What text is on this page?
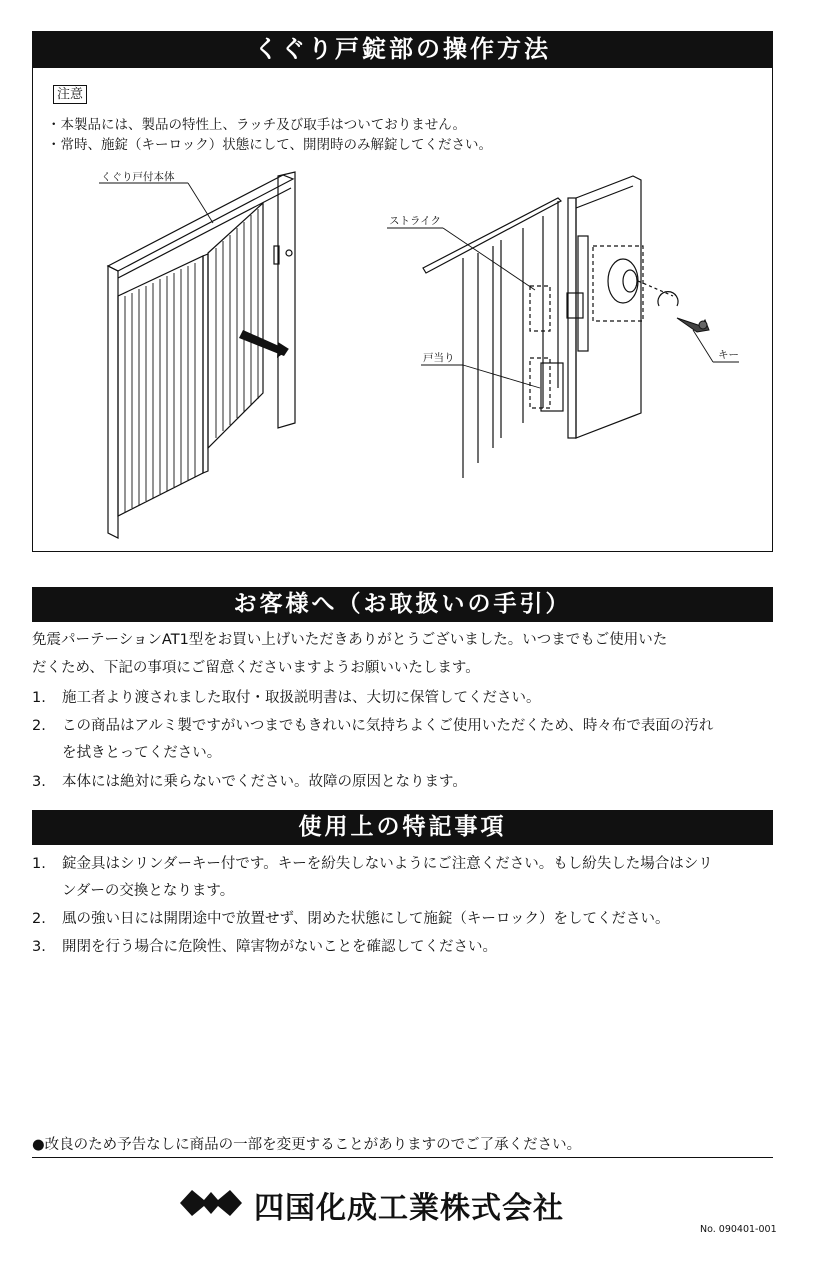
くぐり戸錠部の操作方法
注意
・本製品には、製品の特性上、ラッチ及び取手はついておりません。
・常時、施錠（キーロック）状態にして、開閉時のみ解錠してください。
くぐり戸付本体
ストライク
戸当り	キー
お客様へ（お取扱いの手引）
免震パーテーションAT1型をお買い上げいただきありがとうございました。いつまでもご使用いた
だくため、下記の事項にご留意くださいますようお願いいたします。
1. 施工者より渡されました取付・取扱説明書は、大切に保管してください。
2. この商品はアルミ製ですがいつまでもきれいに気持ちよくご使用いただくため、時々布で表面の汚れ
を拭きとってください。
3. 本体には絶対に乗らないでください。故障の原因となります。
使用上の特記事項
1. 錠金具はシリンダーキー付です。キーを紛失しないようにご注意ください。もし紛失した場合はシリ
ンダーの交換となります。
2. 風の強い日には開閉途中で放置せず、閉めた状態にして施錠（キーロック）をしてください。
3. 開閉を行う場合に危険性、障害物がないことを確認してください。
●改良のため予告なしに商品の一部を変更することがありますのでご了承ください。
四国化成工業株式会社
No. 090401-001
